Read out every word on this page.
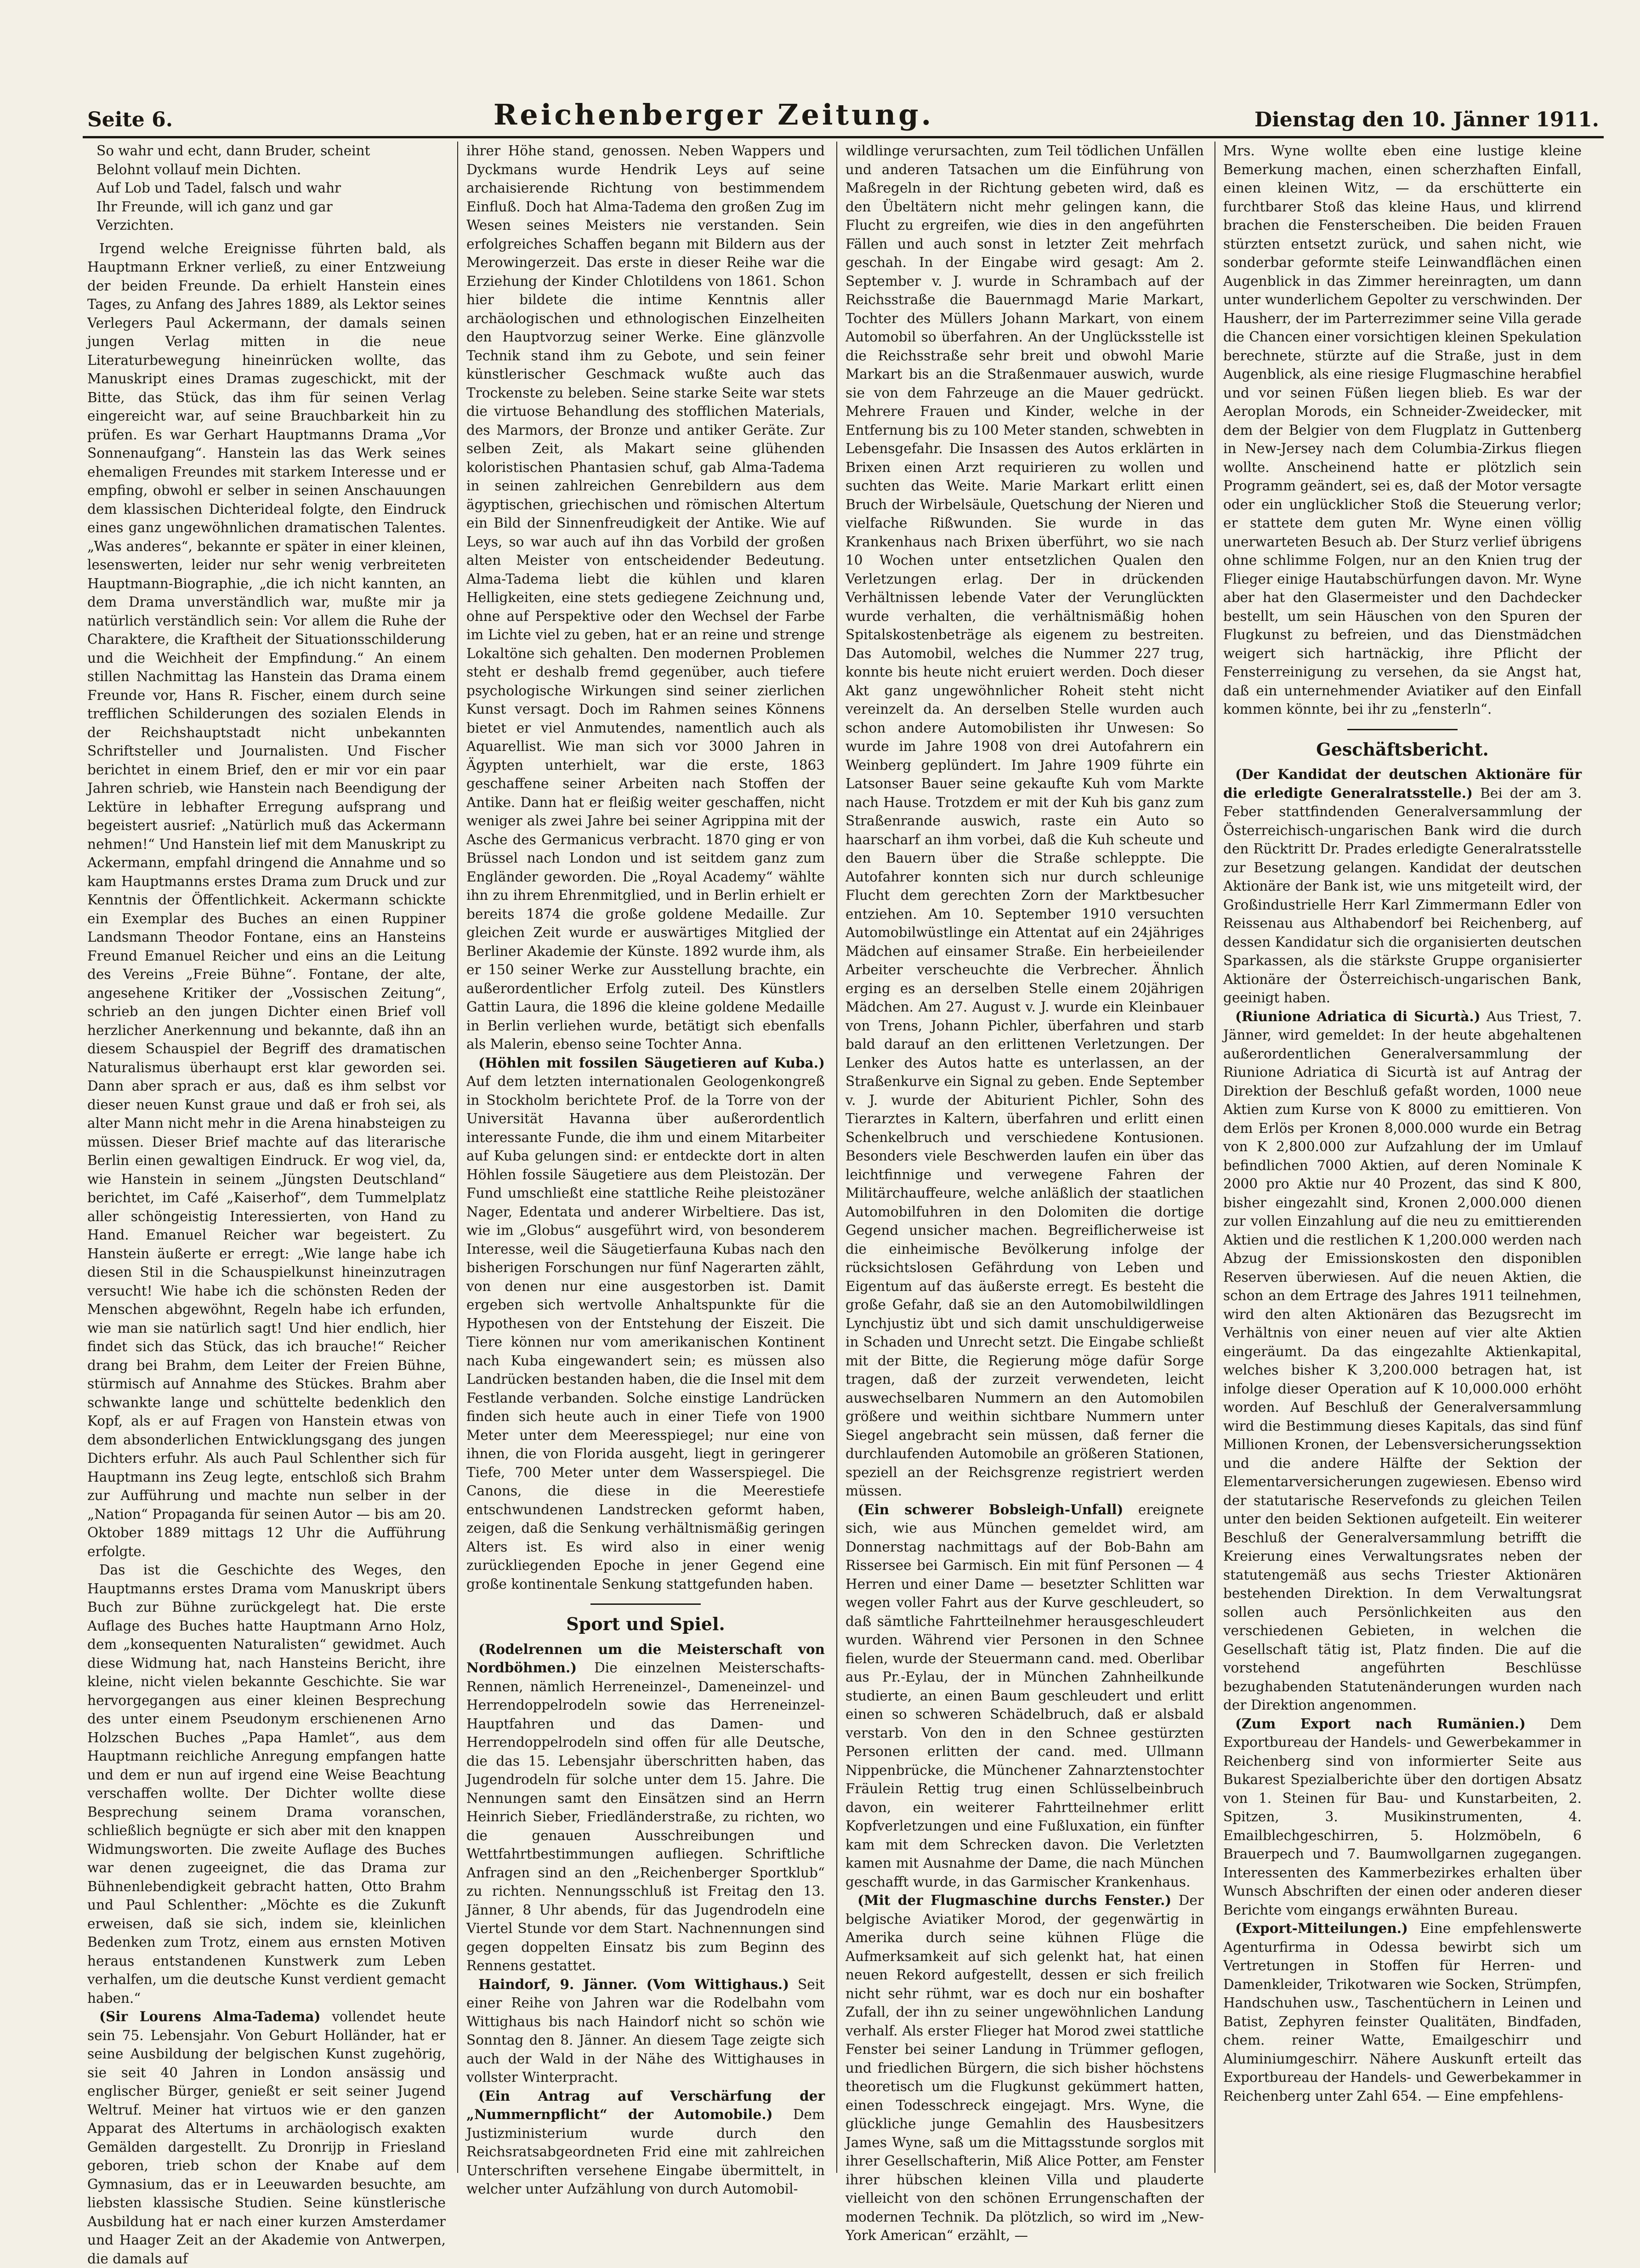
Seite 6.	Reichenberger Zeitung.	Dienstag den 10. Jänner 1911.
So wahr und echt, dann Bruder, scheint
Belohnt vollauf mein Dichten.
Auf Lob und Tadel, falsch und wahr
Ihr Freunde, will ich ganz und gar
Verzichten.

Irgend welche Ereignisse führten bald, als Hauptmann Erkner verließ, zu einer Entzweiung der beiden Freunde. Da erhielt Hanstein eines Tages, zu Anfang des Jahres 1889, als Lektor seines Verlegers Paul Ackermann, der damals seinen jungen Verlag mitten in die neue Literaturbewegung hineinrücken wollte, das Manuskript eines Dramas zugeschickt, mit der Bitte, das Stück, das ihm für seinen Verlag eingereicht war, auf seine Brauchbarkeit hin zu prüfen. Es war Gerhart Hauptmanns Drama „Vor Sonnenaufgang“. Hanstein las das Werk seines ehemaligen Freundes mit starkem Interesse und er empfing, obwohl er selber in seinen Anschauungen dem klassischen Dichterideal folgte, den Eindruck eines ganz ungewöhnlichen dramatischen Talentes. „Was anderes“, bekannte er später in einer kleinen, lesenswerten, leider nur sehr wenig verbreiteten Hauptmann-Biographie, „die ich nicht kannten, an dem Drama unverständlich war, mußte mir ja natürlich verständlich sein: Vor allem die Ruhe der Charaktere, die Kraftheit der Situationsschilderung und die Weichheit der Empfindung.“ An einem stillen Nachmittag las Hanstein das Drama einem Freunde vor, Hans R. Fischer, einem durch seine trefflichen Schilderungen des sozialen Elends in der Reichshauptstadt nicht unbekannten Schriftsteller und Journalisten. Und Fischer berichtet in einem Brief, den er mir vor ein paar Jahren schrieb, wie Hanstein nach Beendigung der Lektüre in lebhafter Erregung aufsprang und begeistert ausrief: „Natürlich muß das Ackermann nehmen!“ Und Hanstein lief mit dem Manuskript zu Ackermann, empfahl dringend die Annahme und so kam Hauptmanns erstes Drama zum Druck und zur Kenntnis der Öffentlichkeit. Ackermann schickte ein Exemplar des Buches an einen Ruppiner Landsmann Theodor Fontane, eins an Hansteins Freund Emanuel Reicher und eins an die Leitung des Vereins „Freie Bühne“. Fontane, der alte, angesehene Kritiker der „Vossischen Zeitung“, schrieb an den jungen Dichter einen Brief voll herzlicher Anerkennung und bekannte, daß ihn an diesem Schauspiel der Begriff des dramatischen Naturalismus überhaupt erst klar geworden sei. Dann aber sprach er aus, daß es ihm selbst vor dieser neuen Kunst graue und daß er froh sei, als alter Mann nicht mehr in die Arena hinabsteigen zu müssen. Dieser Brief machte auf das literarische Berlin einen gewaltigen Eindruck. Er wog viel, da, wie Hanstein in seinem „Jüngsten Deutschland“ berichtet, im Café „Kaiserhof“, dem Tummelplatz aller schöngeistig Interessierten, von Hand zu Hand. Emanuel Reicher war begeistert. Zu Hanstein äußerte er erregt: „Wie lange habe ich diesen Stil in die Schauspielkunst hineinzutragen versucht! Wie habe ich die schönsten Reden der Menschen abgewöhnt, Regeln habe ich erfunden, wie man sie natürlich sagt! Und hier endlich, hier findet sich das Stück, das ich brauche!“ Reicher drang bei Brahm, dem Leiter der Freien Bühne, stürmisch auf Annahme des Stückes. Brahm aber schwankte lange und schüttelte bedenklich den Kopf, als er auf Fragen von Hanstein etwas von dem absonderlichen Entwicklungsgang des jungen Dichters erfuhr. Als auch Paul Schlenther sich für Hauptmann ins Zeug legte, entschloß sich Brahm zur Aufführung und machte nun selber in der „Nation“ Propaganda für seinen Autor — bis am 20. Oktober 1889 mittags 12 Uhr die Aufführung erfolgte.

Das ist die Geschichte des Weges, den Hauptmanns erstes Drama vom Manuskript übers Buch zur Bühne zurückgelegt hat. Die erste Auflage des Buches hatte Hauptmann Arno Holz, dem „konsequenten Naturalisten“ gewidmet. Auch diese Widmung hat, nach Hansteins Bericht, ihre kleine, nicht vielen bekannte Geschichte. Sie war hervorgegangen aus einer kleinen Besprechung des unter einem Pseudonym erschienenen Arno Holzschen Buches „Papa Hamlet“, aus dem Hauptmann reichliche Anregung empfangen hatte und dem er nun auf irgend eine Weise Beachtung verschaffen wollte. Der Dichter wollte diese Besprechung seinem Drama voranschen, schließlich begnügte er sich aber mit den knappen Widmungsworten. Die zweite Auflage des Buches war denen zugeeignet, die das Drama zur Bühnenlebendigkeit gebracht hatten, Otto Brahm und Paul Schlenther: „Möchte es die Zukunft erweisen, daß sie sich, indem sie, kleinlichen Bedenken zum Trotz, einem aus ernsten Motiven heraus entstandenen Kunstwerk zum Leben verhalfen, um die deutsche Kunst verdient gemacht haben.“

(Sir Lourens Alma-Tadema) vollendet heute sein 75. Lebensjahr. Von Geburt Holländer, hat er seine Ausbildung der belgischen Kunst zugehörig, sie seit 40 Jahren in London ansässig und englischer Bürger, genießt er seit seiner Jugend Weltruf. Meiner hat virtuos wie er den ganzen Apparat des Altertums in archäologisch exakten Gemälden dargestellt. Zu Dronrijp in Friesland geboren, trieb schon der Knabe auf dem Gymnasium, das er in Leeuwarden besuchte, am liebsten klassische Studien. Seine künstlerische Ausbildung hat er nach einer kurzen Amsterdamer und Haager Zeit an der Akademie von Antwerpen, die damals auf

ihrer Höhe stand, genossen. Neben Wappers und Dyckmans wurde Hendrik Leys auf seine archaisierende Richtung von bestimmendem Einfluß. Doch hat Alma-Tadema den großen Zug im Wesen seines Meisters nie verstanden. Sein erfolgreiches Schaffen begann mit Bildern aus der Merowingerzeit. Das erste in dieser Reihe war die Erziehung der Kinder Chlotildens von 1861. Schon hier bildete die intime Kenntnis aller archäologischen und ethnologischen Einzelheiten den Hauptvorzug seiner Werke. Eine glänzvolle Technik stand ihm zu Gebote, und sein feiner künstlerischer Geschmack wußte auch das Trockenste zu beleben. Seine starke Seite war stets die virtuose Behandlung des stofflichen Materials, des Marmors, der Bronze und antiker Geräte. Zur selben Zeit, als Makart seine glühenden koloristischen Phantasien schuf, gab Alma-Tadema in seinen zahlreichen Genrebildern aus dem ägyptischen, griechischen und römischen Altertum ein Bild der Sinnenfreudigkeit der Antike. Wie auf Leys, so war auch auf ihn das Vorbild der großen alten Meister von entscheidender Bedeutung. Alma-Tadema liebt die kühlen und klaren Helligkeiten, eine stets gediegene Zeichnung und, ohne auf Perspektive oder den Wechsel der Farbe im Lichte viel zu geben, hat er an reine und strenge Lokaltöne sich gehalten. Den modernen Problemen steht er deshalb fremd gegenüber, auch tiefere psychologische Wirkungen sind seiner zierlichen Kunst versagt. Doch im Rahmen seines Könnens bietet er viel Anmutendes, namentlich auch als Aquarellist. Wie man sich vor 3000 Jahren in Ägypten unterhielt, war die erste, 1863 geschaffene seiner Arbeiten nach Stoffen der Antike. Dann hat er fleißig weiter geschaffen, nicht weniger als zwei Jahre bei seiner Agrippina mit der Asche des Germanicus verbracht. 1870 ging er von Brüssel nach London und ist seitdem ganz zum Engländer geworden. Die „Royal Academy“ wählte ihn zu ihrem Ehrenmitglied, und in Berlin erhielt er bereits 1874 die große goldene Medaille. Zur gleichen Zeit wurde er auswärtiges Mitglied der Berliner Akademie der Künste. 1892 wurde ihm, als er 150 seiner Werke zur Ausstellung brachte, ein außerordentlicher Erfolg zuteil. Des Künstlers Gattin Laura, die 1896 die kleine goldene Medaille in Berlin verliehen wurde, betätigt sich ebenfalls als Malerin, ebenso seine Tochter Anna.

(Höhlen mit fossilen Säugetieren auf Kuba.) Auf dem letzten internationalen Geologenkongreß in Stockholm berichtete Prof. de la Torre von der Universität Havanna über außerordentlich interessante Funde, die ihm und einem Mitarbeiter auf Kuba gelungen sind: er entdeckte dort in alten Höhlen fossile Säugetiere aus dem Pleistozän. Der Fund umschließt eine stattliche Reihe pleistozäner Nager, Edentata und anderer Wirbeltiere. Das ist, wie im „Globus“ ausgeführt wird, von besonderem Interesse, weil die Säugetierfauna Kubas nach den bisherigen Forschungen nur fünf Nagerarten zählt, von denen nur eine ausgestorben ist. Damit ergeben sich wertvolle Anhaltspunkte für die Hypothesen von der Entstehung der Eiszeit. Die Tiere können nur vom amerikanischen Kontinent nach Kuba eingewandert sein; es müssen also Landrücken bestanden haben, die die Insel mit dem Festlande verbanden. Solche einstige Landrücken finden sich heute auch in einer Tiefe von 1900 Meter unter dem Meeresspiegel; nur eine von ihnen, die von Florida ausgeht, liegt in geringerer Tiefe, 700 Meter unter dem Wasserspiegel. Die Canons, die diese in die Meerestiefe entschwundenen Landstrecken geformt haben, zeigen, daß die Senkung verhältnismäßig geringen Alters ist. Es wird also in einer wenig zurückliegenden Epoche in jener Gegend eine große kontinentale Senkung stattgefunden haben.

Sport und Spiel.

(Rodelrennen um die Meisterschaft von Nordböhmen.) Die einzelnen Meisterschafts-Rennen, nämlich Herreneinzel-, Dameneinzel- und Herrendoppelrodeln sowie das Herreneinzel-Hauptfahren und das Damen- und Herrendoppelrodeln sind offen für alle Deutsche, die das 15. Lebensjahr überschritten haben, das Jugendrodeln für solche unter dem 15. Jahre. Die Nennungen samt den Einsätzen sind an Herrn Heinrich Sieber, Friedländerstraße, zu richten, wo die genauen Ausschreibungen und Wettfahrtbestimmungen aufliegen. Schriftliche Anfragen sind an den „Reichenberger Sportklub“ zu richten. Nennungsschluß ist Freitag den 13. Jänner, 8 Uhr abends, für das Jugendrodeln eine Viertel Stunde vor dem Start. Nachnennungen sind gegen doppelten Einsatz bis zum Beginn des Rennens gestattet.

Haindorf, 9. Jänner. (Vom Wittighaus.) Seit einer Reihe von Jahren war die Rodelbahn vom Wittighaus bis nach Haindorf nicht so schön wie Sonntag den 8. Jänner. An diesem Tage zeigte sich auch der Wald in der Nähe des Wittighauses in vollster Winterpracht.

(Ein Antrag auf Verschärfung der „Nummernpflicht“ der Automobile.) Dem Justizministerium wurde durch den Reichsratsabgeordneten Frid eine mit zahlreichen Unterschriften versehene Eingabe übermittelt, in welcher unter Aufzählung von durch Automobil-

wildlinge verursachten, zum Teil tödlichen Unfällen und anderen Tatsachen um die Einführung von Maßregeln in der Richtung gebeten wird, daß es den Übeltätern nicht mehr gelingen kann, die Flucht zu ergreifen, wie dies in den angeführten Fällen und auch sonst in letzter Zeit mehrfach geschah. In der Eingabe wird gesagt: Am 2. September v. J. wurde in Schrambach auf der Reichsstraße die Bauernmagd Marie Markart, Tochter des Müllers Johann Markart, von einem Automobil so überfahren. An der Unglücksstelle ist die Reichsstraße sehr breit und obwohl Marie Markart bis an die Straßenmauer auswich, wurde sie von dem Fahrzeuge an die Mauer gedrückt. Mehrere Frauen und Kinder, welche in der Entfernung bis zu 100 Meter standen, schwebten in Lebensgefahr. Die Insassen des Autos erklärten in Brixen einen Arzt requirieren zu wollen und suchten das Weite. Marie Markart erlitt einen Bruch der Wirbelsäule, Quetschung der Nieren und vielfache Rißwunden. Sie wurde in das Krankenhaus nach Brixen überführt, wo sie nach 10 Wochen unter entsetzlichen Qualen den Verletzungen erlag. Der in drückenden Verhältnissen lebende Vater der Verunglückten wurde verhalten, die verhältnismäßig hohen Spitalskostenbeträge als eigenem zu bestreiten. Das Automobil, welches die Nummer 227 trug, konnte bis heute nicht eruiert werden. Doch dieser Akt ganz ungewöhnlicher Roheit steht nicht vereinzelt da. An derselben Stelle wurden auch schon andere Automobilisten ihr Unwesen: So wurde im Jahre 1908 von drei Autofahrern ein Weinberg geplündert. Im Jahre 1909 führte ein Latsonser Bauer seine gekaufte Kuh vom Markte nach Hause. Trotzdem er mit der Kuh bis ganz zum Straßenrande auswich, raste ein Auto so haarscharf an ihm vorbei, daß die Kuh scheute und den Bauern über die Straße schleppte. Die Autofahrer konnten sich nur durch schleunige Flucht dem gerechten Zorn der Marktbesucher entziehen. Am 10. September 1910 versuchten Automobilwüstlinge ein Attentat auf ein 24jähriges Mädchen auf einsamer Straße. Ein herbeieilender Arbeiter verscheuchte die Verbrecher. Ähnlich erging es an derselben Stelle einem 20jährigen Mädchen. Am 27. August v. J. wurde ein Kleinbauer von Trens, Johann Pichler, überfahren und starb bald darauf an den erlittenen Verletzungen. Der Lenker des Autos hatte es unterlassen, an der Straßenkurve ein Signal zu geben. Ende September v. J. wurde der Abiturient Pichler, Sohn des Tierarztes in Kaltern, überfahren und erlitt einen Schenkelbruch und verschiedene Kontusionen. Besonders viele Beschwerden laufen ein über das leichtfinnige und verwegene Fahren der Militärchauffeure, welche anläßlich der staatlichen Automobilfuhren in den Dolomiten die dortige Gegend unsicher machen. Begreiflicherweise ist die einheimische Bevölkerung infolge der rücksichtslosen Gefährdung von Leben und Eigentum auf das äußerste erregt. Es besteht die große Gefahr, daß sie an den Automobilwildlingen Lynchjustiz übt und sich damit unschuldigerweise in Schaden und Unrecht setzt. Die Eingabe schließt mit der Bitte, die Regierung möge dafür Sorge tragen, daß der zurzeit verwendeten, leicht auswechselbaren Nummern an den Automobilen größere und weithin sichtbare Nummern unter Siegel angebracht sein müssen, daß ferner die durchlaufenden Automobile an größeren Stationen, speziell an der Reichsgrenze registriert werden müssen.

(Ein schwerer Bobsleigh-Unfall) ereignete sich, wie aus München gemeldet wird, am Donnerstag nachmittags auf der Bob-Bahn am Rissersee bei Garmisch. Ein mit fünf Personen — 4 Herren und einer Dame — besetzter Schlitten war wegen voller Fahrt aus der Kurve geschleudert, so daß sämtliche Fahrtteilnehmer herausgeschleudert wurden. Während vier Personen in den Schnee fielen, wurde der Steuermann cand. med. Oberlibar aus Pr.-Eylau, der in München Zahnheilkunde studierte, an einen Baum geschleudert und erlitt einen so schweren Schädelbruch, daß er alsbald verstarb. Von den in den Schnee gestürzten Personen erlitten der cand. med. Ullmann Nippenbrücke, die Münchener Zahnarztenstochter Fräulein Rettig trug einen Schlüsselbeinbruch davon, ein weiterer Fahrtteilnehmer erlitt Kopfverletzungen und eine Fußluxation, ein fünfter kam mit dem Schrecken davon. Die Verletzten kamen mit Ausnahme der Dame, die nach München geschafft wurde, in das Garmischer Krankenhaus.

(Mit der Flugmaschine durchs Fenster.) Der belgische Aviatiker Morod, der gegenwärtig in Amerika durch seine kühnen Flüge die Aufmerksamkeit auf sich gelenkt hat, hat einen neuen Rekord aufgestellt, dessen er sich freilich nicht sehr rühmt, war es doch nur ein boshafter Zufall, der ihn zu seiner ungewöhnlichen Landung verhalf. Als erster Flieger hat Morod zwei stattliche Fenster bei seiner Landung in Trümmer geflogen, und friedlichen Bürgern, die sich bisher höchstens theoretisch um die Flugkunst gekümmert hatten, einen Todesschreck eingejagt. Mrs. Wyne, die glückliche junge Gemahlin des Hausbesitzers James Wyne, saß um die Mittagsstunde sorglos mit ihrer Gesellschafterin, Miß Alice Potter, am Fenster ihrer hübschen kleinen Villa und plauderte vielleicht von den schönen Errungenschaften der modernen Technik. Da plötzlich, so wird im „New-York American“ erzählt, —

Mrs. Wyne wollte eben eine lustige kleine Bemerkung machen, einen scherzhaften Einfall, einen kleinen Witz, — da erschütterte ein furchtbarer Stoß das kleine Haus, und klirrend brachen die Fensterscheiben. Die beiden Frauen stürzten entsetzt zurück, und sahen nicht, wie sonderbar geformte steife Leinwandflächen einen Augenblick in das Zimmer hereinragten, um dann unter wunderlichem Gepolter zu verschwinden. Der Hausherr, der im Parterrezimmer seine Villa gerade die Chancen einer vorsichtigen kleinen Spekulation berechnete, stürzte auf die Straße, just in dem Augenblick, als eine riesige Flugmaschine herabfiel und vor seinen Füßen liegen blieb. Es war der Aeroplan Morods, ein Schneider-Zweidecker, mit dem der Belgier von dem Flugplatz in Guttenberg in New-Jersey nach dem Columbia-Zirkus fliegen wollte. Anscheinend hatte er plötzlich sein Programm geändert, sei es, daß der Motor versagte oder ein unglücklicher Stoß die Steuerung verlor; er stattete dem guten Mr. Wyne einen völlig unerwarteten Besuch ab. Der Sturz verlief übrigens ohne schlimme Folgen, nur an den Knien trug der Flieger einige Hautabschürfungen davon. Mr. Wyne aber hat den Glasermeister und den Dachdecker bestellt, um sein Häuschen von den Spuren der Flugkunst zu befreien, und das Dienstmädchen weigert sich hartnäckig, ihre Pflicht der Fensterreinigung zu versehen, da sie Angst hat, daß ein unternehmender Aviatiker auf den Einfall kommen könnte, bei ihr zu „fensterln“.

Geschäftsbericht.

(Der Kandidat der deutschen Aktionäre für die erledigte Generalratsstelle.) Bei der am 3. Feber stattfindenden Generalversammlung der Österreichisch-ungarischen Bank wird die durch den Rücktritt Dr. Prades erledigte Generalratsstelle zur Besetzung gelangen. Kandidat der deutschen Aktionäre der Bank ist, wie uns mitgeteilt wird, der Großindustrielle Herr Karl Zimmermann Edler von Reissenau aus Althabendorf bei Reichenberg, auf dessen Kandidatur sich die organisierten deutschen Sparkassen, als die stärkste Gruppe organisierter Aktionäre der Österreichisch-ungarischen Bank, geeinigt haben.

(Riunione Adriatica di Sicurtà.) Aus Triest, 7. Jänner, wird gemeldet: In der heute abgehaltenen außerordentlichen Generalversammlung der Riunione Adriatica di Sicurtà ist auf Antrag der Direktion der Beschluß gefaßt worden, 1000 neue Aktien zum Kurse von K 8000 zu emittieren. Von dem Erlös per Kronen 8,000.000 wurde ein Betrag von K 2,800.000 zur Aufzahlung der im Umlauf befindlichen 7000 Aktien, auf deren Nominale K 2000 pro Aktie nur 40 Prozent, das sind K 800, bisher eingezahlt sind, Kronen 2,000.000 dienen zur vollen Einzahlung auf die neu zu emittierenden Aktien und die restlichen K 1,200.000 werden nach Abzug der Emissionskosten den disponiblen Reserven überwiesen. Auf die neuen Aktien, die schon an dem Ertrage des Jahres 1911 teilnehmen, wird den alten Aktionären das Bezugsrecht im Verhältnis von einer neuen auf vier alte Aktien eingeräumt. Da das eingezahlte Aktienkapital, welches bisher K 3,200.000 betragen hat, ist infolge dieser Operation auf K 10,000.000 erhöht worden. Auf Beschluß der Generalversammlung wird die Bestimmung dieses Kapitals, das sind fünf Millionen Kronen, der Lebensversicherungssektion und die andere Hälfte der Sektion der Elementarversicherungen zugewiesen. Ebenso wird der statutarische Reservefonds zu gleichen Teilen unter den beiden Sektionen aufgeteilt. Ein weiterer Beschluß der Generalversammlung betrifft die Kreierung eines Verwaltungsrates neben der statutengemäß aus sechs Triester Aktionären bestehenden Direktion. In dem Verwaltungsrat sollen auch Persönlichkeiten aus den verschiedenen Gebieten, in welchen die Gesellschaft tätig ist, Platz finden. Die auf die vorstehend angeführten Beschlüsse bezughabenden Statutenänderungen wurden nach der Direktion angenommen.

(Zum Export nach Rumänien.) Dem Exportbureau der Handels- und Gewerbekammer in Reichenberg sind von informierter Seite aus Bukarest Spezialberichte über den dortigen Absatz von 1. Steinen für Bau- und Kunstarbeiten, 2. Spitzen, 3. Musikinstrumenten, 4. Emailblechgeschirren, 5. Holzmöbeln, 6 Brauerpech und 7. Baumwollgarnen zugegangen. Interessenten des Kammerbezirkes erhalten über Wunsch Abschriften der einen oder anderen dieser Berichte vom eingangs erwähnten Bureau.

(Export-Mitteilungen.) Eine empfehlenswerte Agenturfirma in Odessa bewirbt sich um Vertretungen in Stoffen für Herren- und Damenkleider, Trikotwaren wie Socken, Strümpfen, Handschuhen usw., Taschentüchern in Leinen und Batist, Zephyren feinster Qualitäten, Bindfaden, chem. reiner Watte, Emailgeschirr und Aluminiumgeschirr. Nähere Auskunft erteilt das Exportbureau der Handels- und Gewerbekammer in Reichenberg unter Zahl 654. — Eine empfehlens-
